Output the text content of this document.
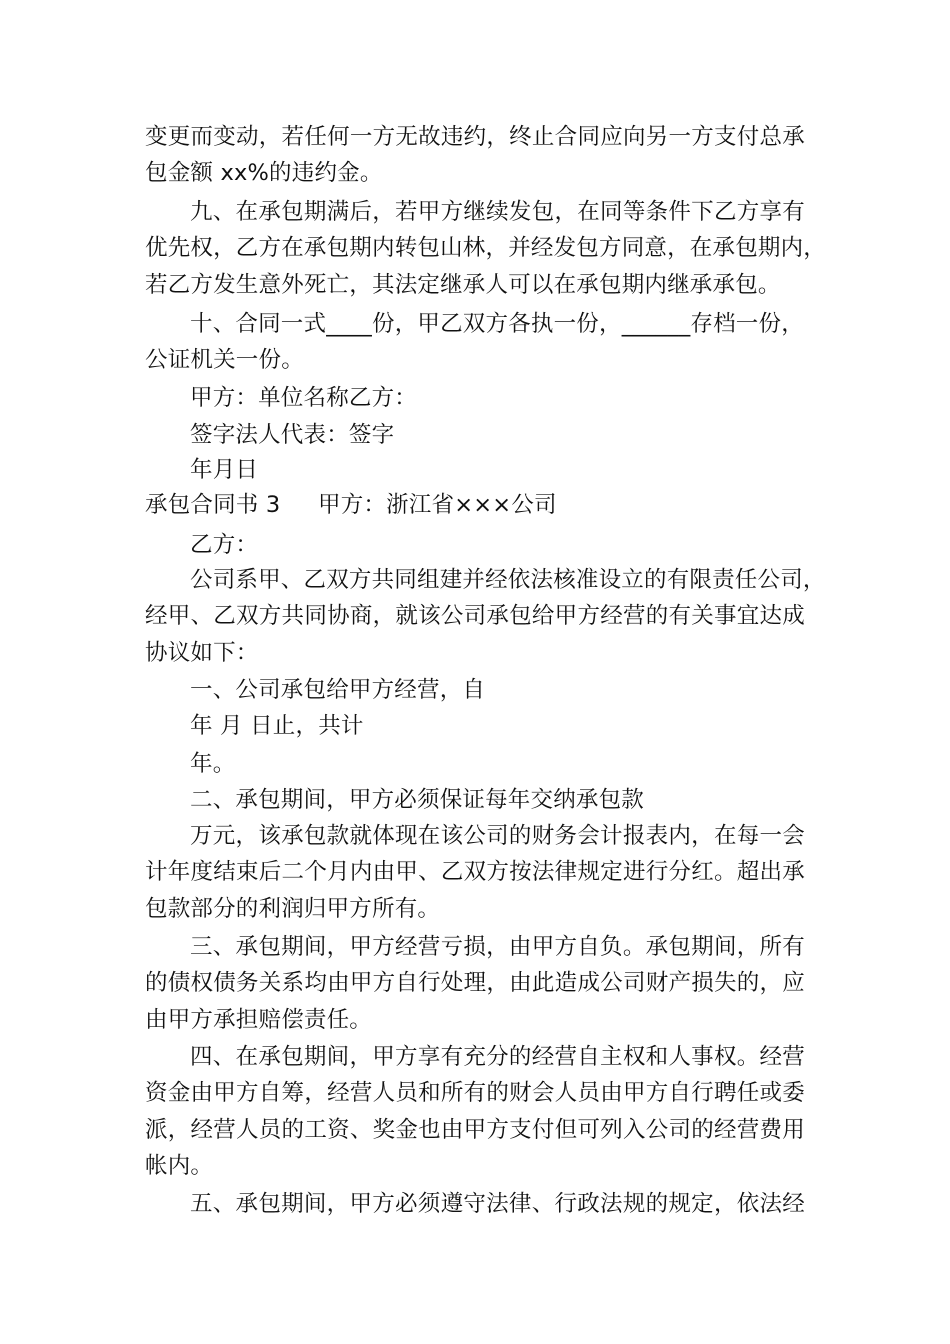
变更而变动，若任何一方无故违约，终止合同应向另一方支付总承
包金额 xx%的违约金。
九、在承包期满后，若甲方继续发包，在同等条件下乙方享有
优先权，乙方在承包期内转包山林，并经发包方同意，在承包期内，
若乙方发生意外死亡，其法定继承人可以在承包期内继承承包。
十、合同一式____份，甲乙双方各执一份，______存档一份，
公证机关一份。
甲方：单位名称乙方：
签字法人代表：签字
年月日
承包合同书 3 甲方：浙江省×××公司
乙方：
公司系甲、乙双方共同组建并经依法核准设立的有限责任公司，
经甲、乙双方共同协商，就该公司承包给甲方经营的有关事宜达成
协议如下：
一、公司承包给甲方经营，自
年 月 日止，共计
年。
二、承包期间，甲方必须保证每年交纳承包款
万元，该承包款就体现在该公司的财务会计报表内，在每一会
计年度结束后二个月内由甲、乙双方按法律规定进行分红。超出承
包款部分的利润归甲方所有。
三、承包期间，甲方经营亏损，由甲方自负。承包期间，所有
的债权债务关系均由甲方自行处理，由此造成公司财产损失的，应
由甲方承担赔偿责任。
四、在承包期间，甲方享有充分的经营自主权和人事权。经营
资金由甲方自筹，经营人员和所有的财会人员由甲方自行聘任或委
派，经营人员的工资、奖金也由甲方支付但可列入公司的经营费用
帐内。
五、承包期间，甲方必须遵守法律、行政法规的规定，依法经
